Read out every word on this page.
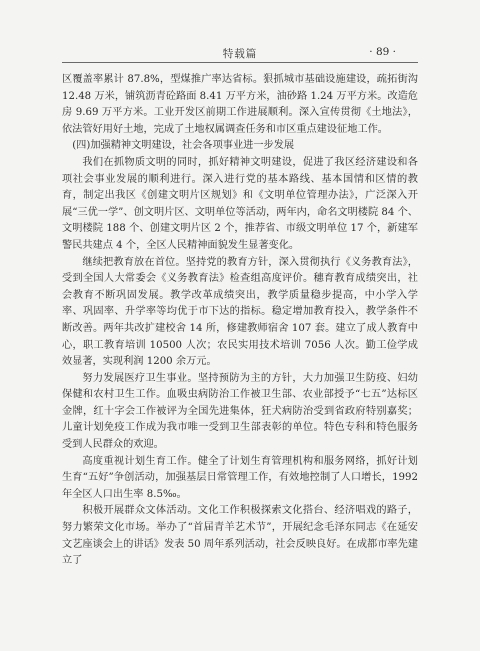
特载篇	· 89 ·

区覆盖率累计 87.8%，型煤推广率达省标。狠抓城市基础设施建设，疏拓街沟 12.48 万米，铺筑沥青砼路面 8.41 万平方米，油砂路 1.24 万平方米。改造危房 9.69 万平方米。工业开发区前期工作进展顺利。深入宣传贯彻《土地法》，依法管好用好土地，完成了土地权属调查任务和市区重点建设征地工作。

(四)加强精神文明建设，社会各项事业进一步发展

我们在抓物质文明的同时，抓好精神文明建设，促进了我区经济建设和各项社会事业发展的顺利进行。深入进行党的基本路线、基本国情和区情的教育，制定出我区《创建文明片区规划》和《文明单位管理办法》，广泛深入开展“三优一学”、创文明片区、文明单位等活动，两年内，命名文明楼院 84 个、文明楼院 188 个、创建文明片区 2 个，推荐省、市级文明单位 17 个，新建军警民共建点 4 个，全区人民精神面貌发生显著变化。

继续把教育放在首位。坚持党的教育方针，深入贯彻执行《义务教育法》，受到全国人大常委会《义务教育法》检查组高度评价。穗育教育成绩突出，社会教育不断巩固发展。教学改革成绩突出，教学质量稳步提高，中小学入学率、巩固率、升学率等均优于市下达的指标。稳定增加教育投入，教学条件不断改善。两年共改扩建校舍 14 所，修建教师宿舍 107 套。建立了成人教育中心，职工教育培训 10500 人次；农民实用技术培训 7056 人次。勤工俭学成效显著，实现利润 1200 余万元。

努力发展医疗卫生事业。坚持预防为主的方针，大力加强卫生防疫、妇幼保健和农村卫生工作。血吸虫病防治工作被卫生部、农业部授予“七五”达标区金牌，红十字会工作被评为全国先进集体，狂犬病防治受到省政府特别嘉奖；儿童计划免疫工作成为我市唯一受到卫生部表彰的单位。特色专科和特色服务受到人民群众的欢迎。

高度重视计划生育工作。健全了计划生育管理机构和服务网络，抓好计划生育“五好”争创活动，加强基层日常管理工作，有效地控制了人口增长，1992 年全区人口出生率 8.5‰。

积极开展群众文体活动。文化工作积极探索文化搭台、经济唱戏的路子，努力繁荣文化市场。举办了“首届青羊艺术节”，开展纪念毛泽东同志《在延安文艺座谈会上的讲话》发表 50 周年系列活动，社会反映良好。在成都市率先建立了
